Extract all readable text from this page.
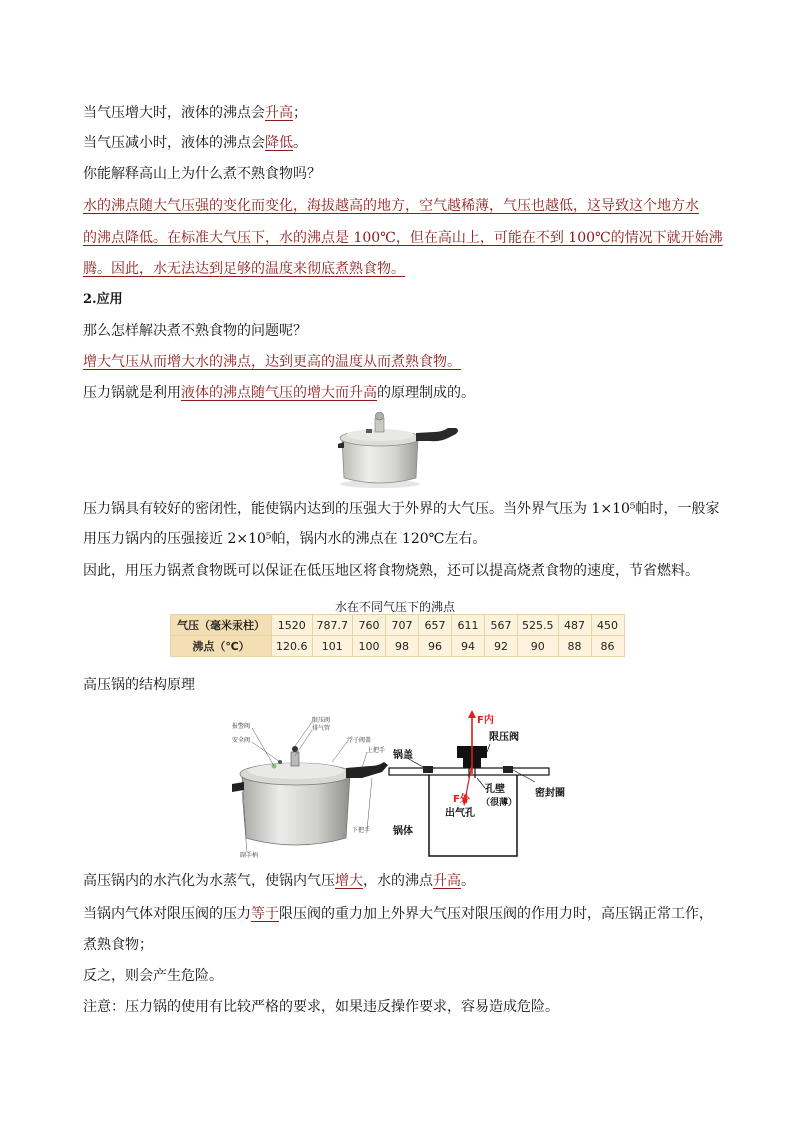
当气压增大时，液体的沸点会升高；
当气压减小时，液体的沸点会降低。
你能解释高山上为什么煮不熟食物吗？
水的沸点随大气压强的变化而变化，海拔越高的地方，空气越稀薄，气压也越低，这导致这个地方水
的沸点降低。在标准大气压下，水的沸点是 100℃，但在高山上，可能在不到 100℃的情况下就开始沸
腾。因此，水无法达到足够的温度来彻底煮熟食物。
2.应用
那么怎样解决煮不熟食物的问题呢？
增大气压从而增大水的沸点，达到更高的温度从而煮熟食物。
压力锅就是利用液体的沸点随气压的增大而升高的原理制成的。
压力锅具有较好的密闭性，能使锅内达到的压强大于外界的大气压。当外界气压为 1×10⁵帕时，一般家
用压力锅内的压强接近 2×10⁵帕，锅内水的沸点在 120℃左右。
因此，用压力锅煮食物既可以保证在低压地区将食物烧熟，还可以提高烧煮食物的速度，节省燃料。
水在不同气压下的沸点
气压（毫米汞柱）	1520	787.7	760	707	657	611	567	525.5	487	450
沸点（℃）	120.6	101	100	98	96	94	92	90	88	86
高压锅的结构原理
限压阀
排气管
浮子阀盖
上把手
报警阀
安全阀
下把手
副手柄
F内
限压阀
锅盖
孔壁
（很薄）
密封圈
F外
出气孔
锅体
高压锅内的水汽化为水蒸气，使锅内气压增大，水的沸点升高。
当锅内气体对限压阀的压力等于限压阀的重力加上外界大气压对限压阀的作用力时，高压锅正常工作，
煮熟食物；
反之，则会产生危险。
注意：压力锅的使用有比较严格的要求，如果违反操作要求，容易造成危险。
